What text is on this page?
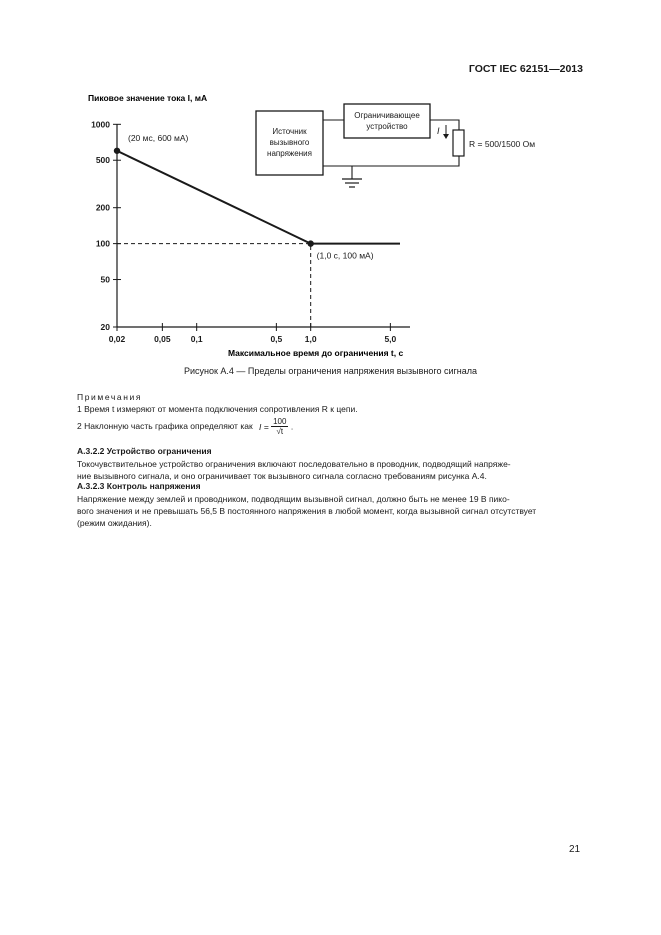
ГОСТ IEC 62151—2013
Пиковое значение тока I, мА
Максимальное время до ограничения t, с
1000
500
200
100
50
20
0,02	0,05 0,1	0,5	1,0	5,0
(20 мс, 600 мА)
(1,0 с, 100 мА)
Источник
вызывного
напряжения
Ограничивающее
устройство	I
R = 500/1500 Ом
Рисунок А.4 — Пределы ограничения напряжения вызывного сигнала
Примечания
1 Время t измеряют от момента подключения сопротивления R к цепи.
2 Наклонную часть графика определяют как $I = \frac{100}{√t}$ .
А.3.2.2 Устройство ограничения
Токочувствительное устройство ограничения включают последовательно в проводник, подводящий напряже-
ние вызывного сигнала, и оно ограничивает ток вызывного сигнала согласно требованиям рисунка А.4.
А.3.2.3 Контроль напряжения
Напряжение между землей и проводником, подводящим вызывной сигнал, должно быть не менее 19 В пико-
вого значения и не превышать 56,5 В постоянного напряжения в любой момент, когда вызывной сигнал отсутствует
(режим ожидания).
21
